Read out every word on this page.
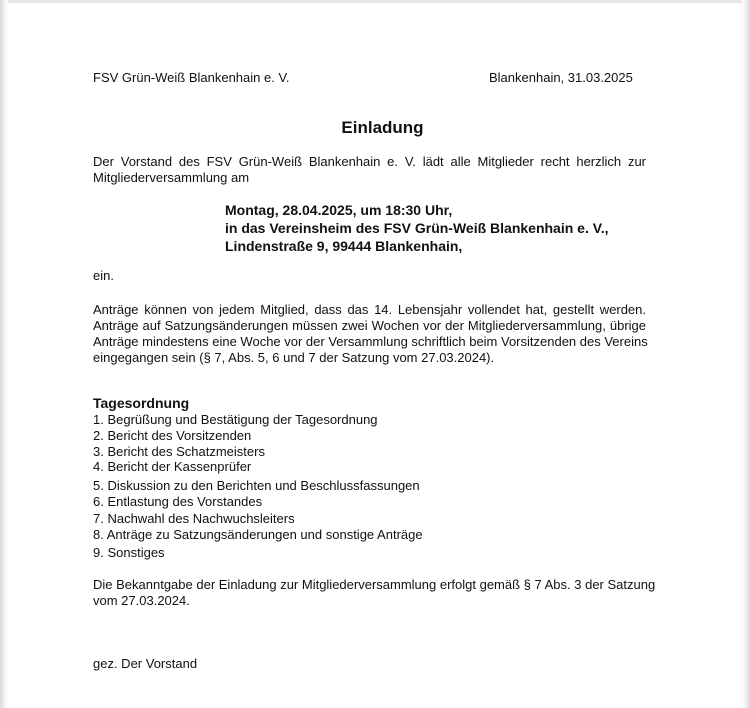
FSV Grün-Weiß Blankenhain e. V.	Blankenhain, 31.03.2025

Einladung
Der Vorstand des FSV Grün-Weiß Blankenhain e. V. lädt alle Mitglieder recht herzlich zur
Mitgliederversammlung am
Montag, 28.04.2025, um 18:30 Uhr,
in das Vereinsheim des FSV Grün-Weiß Blankenhain e. V.,
Lindenstraße 9, 99444 Blankenhain,

ein.

Anträge können von jedem Mitglied, dass das 14. Lebensjahr vollendet hat, gestellt werden.
Anträge auf Satzungsänderungen müssen zwei Wochen vor der Mitgliederversammlung, übrige
Anträge mindestens eine Woche vor der Versammlung schriftlich beim Vorsitzenden des Vereins
eingegangen sein (§ 7, Abs. 5, 6 und 7 der Satzung vom 27.03.2024).
Tagesordnung
1. Begrüßung und Bestätigung der Tagesordnung
2. Bericht des Vorsitzenden
3. Bericht des Schatzmeisters
4. Bericht der Kassenprüfer
5. Diskussion zu den Berichten und Beschlussfassungen
6. Entlastung des Vorstandes
7. Nachwahl des Nachwuchsleiters
8. Anträge zu Satzungsänderungen und sonstige Anträge
9. Sonstiges
Die Bekanntgabe der Einladung zur Mitgliederversammlung erfolgt gemäß § 7 Abs. 3 der Satzung
vom 27.03.2024.

gez. Der Vorstand
